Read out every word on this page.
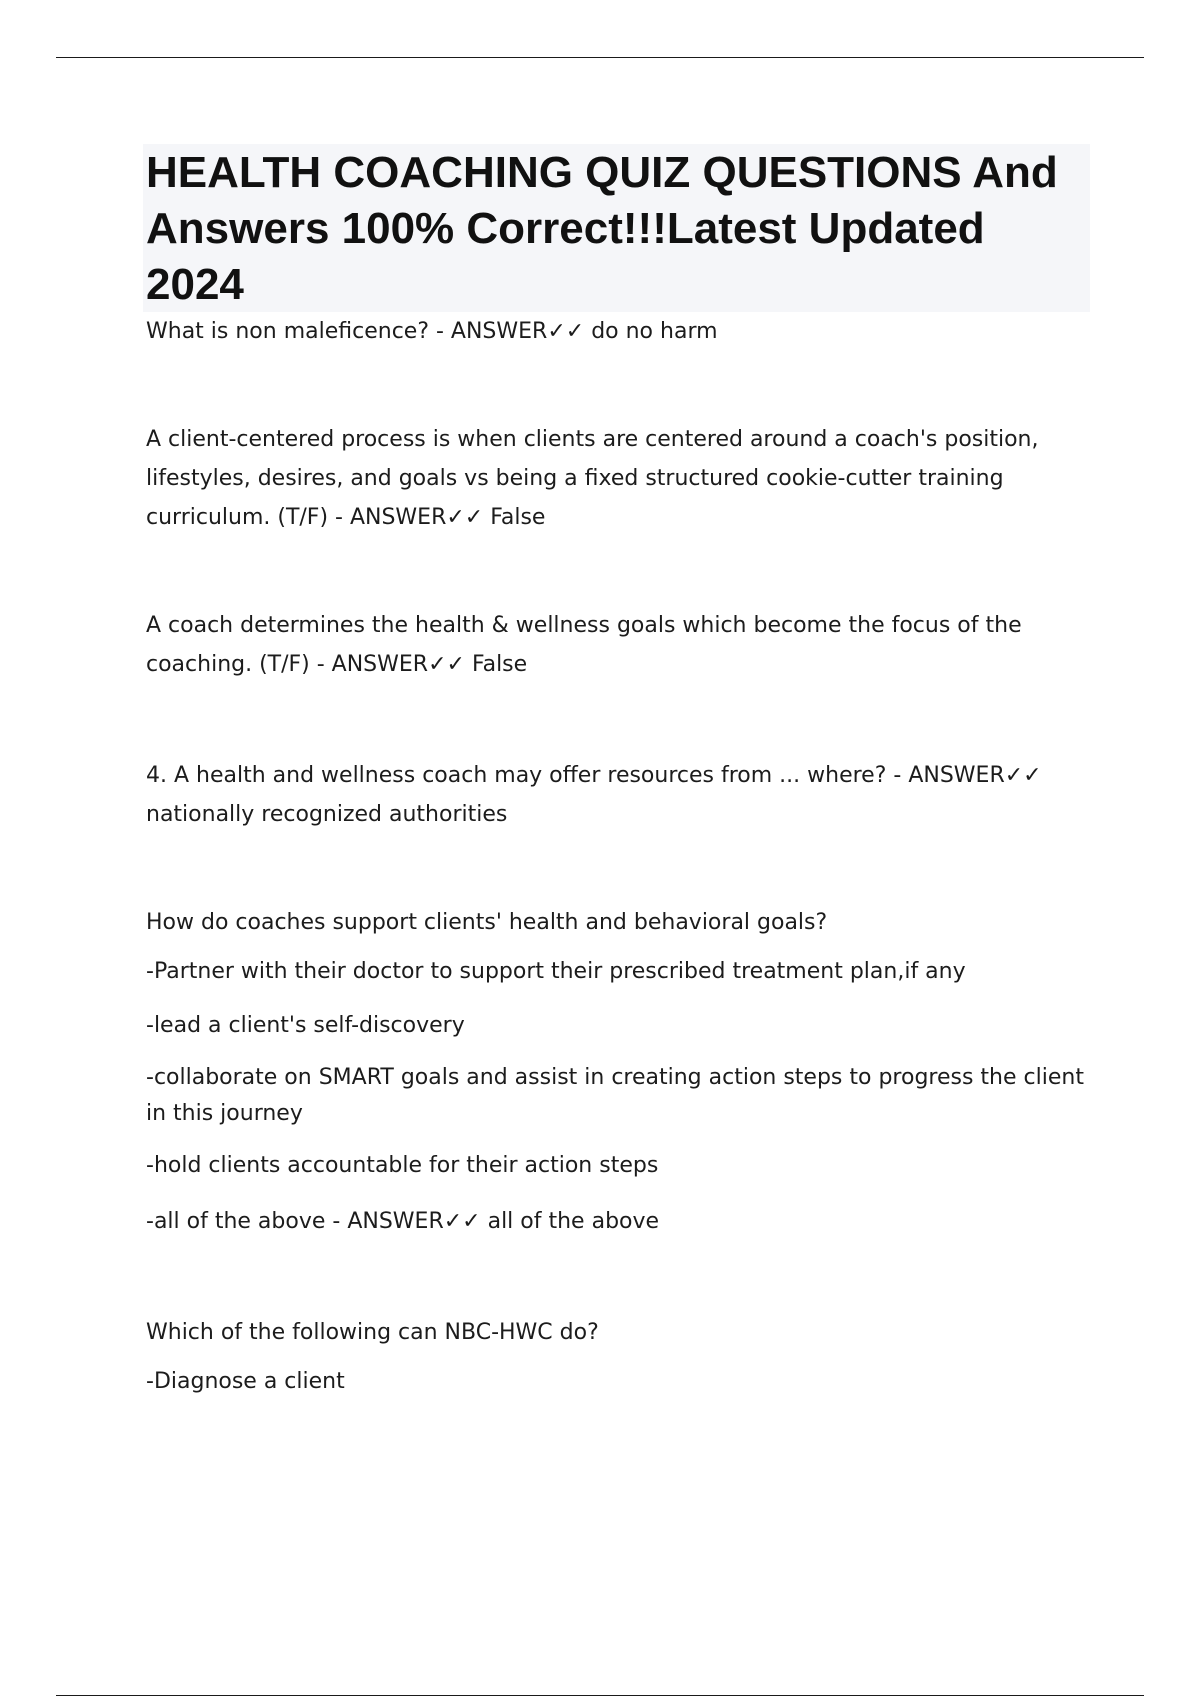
HEALTH COACHING QUIZ QUESTIONS And Answers 100% Correct!!!Latest Updated 2024

What is non maleficence? - ANSWER✓✓ do no harm

A client-centered process is when clients are centered around a coach's position, lifestyles, desires, and goals vs being a fixed structured cookie-cutter training curriculum. (T/F) - ANSWER✓✓ False

A coach determines the health & wellness goals which become the focus of the coaching. (T/F) - ANSWER✓✓ False

4. A health and wellness coach may offer resources from ... where? - ANSWER✓✓ nationally recognized authorities

How do coaches support clients' health and behavioral goals?

-Partner with their doctor to support their prescribed treatment plan,if any

-lead a client's self-discovery

-collaborate on SMART goals and assist in creating action steps to progress the client in this journey

-hold clients accountable for their action steps

-all of the above - ANSWER✓✓ all of the above

Which of the following can NBC-HWC do?

-Diagnose a client
